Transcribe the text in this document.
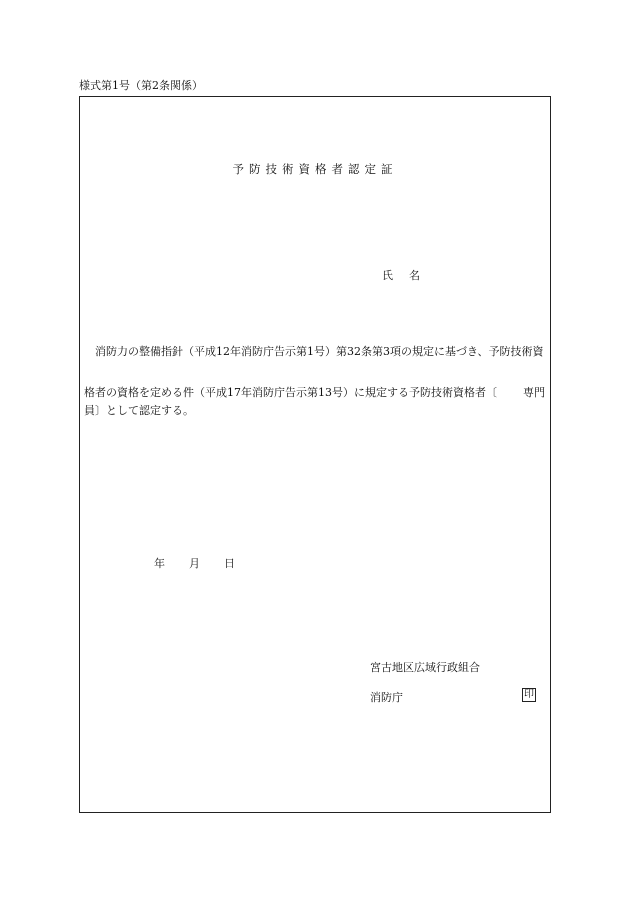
様式第1号（第2条関係）
予防技術資格者認定証
氏 名
消防力の整備指針（平成12年消防庁告示第1号）第32条第3項の規定に基づき、予防技術資
格者の資格を定める件（平成17年消防庁告示第13号）に規定する予防技術資格者〔 専門
員〕として認定する。
年 月 日
宮古地区広域行政組合
消防庁	印
